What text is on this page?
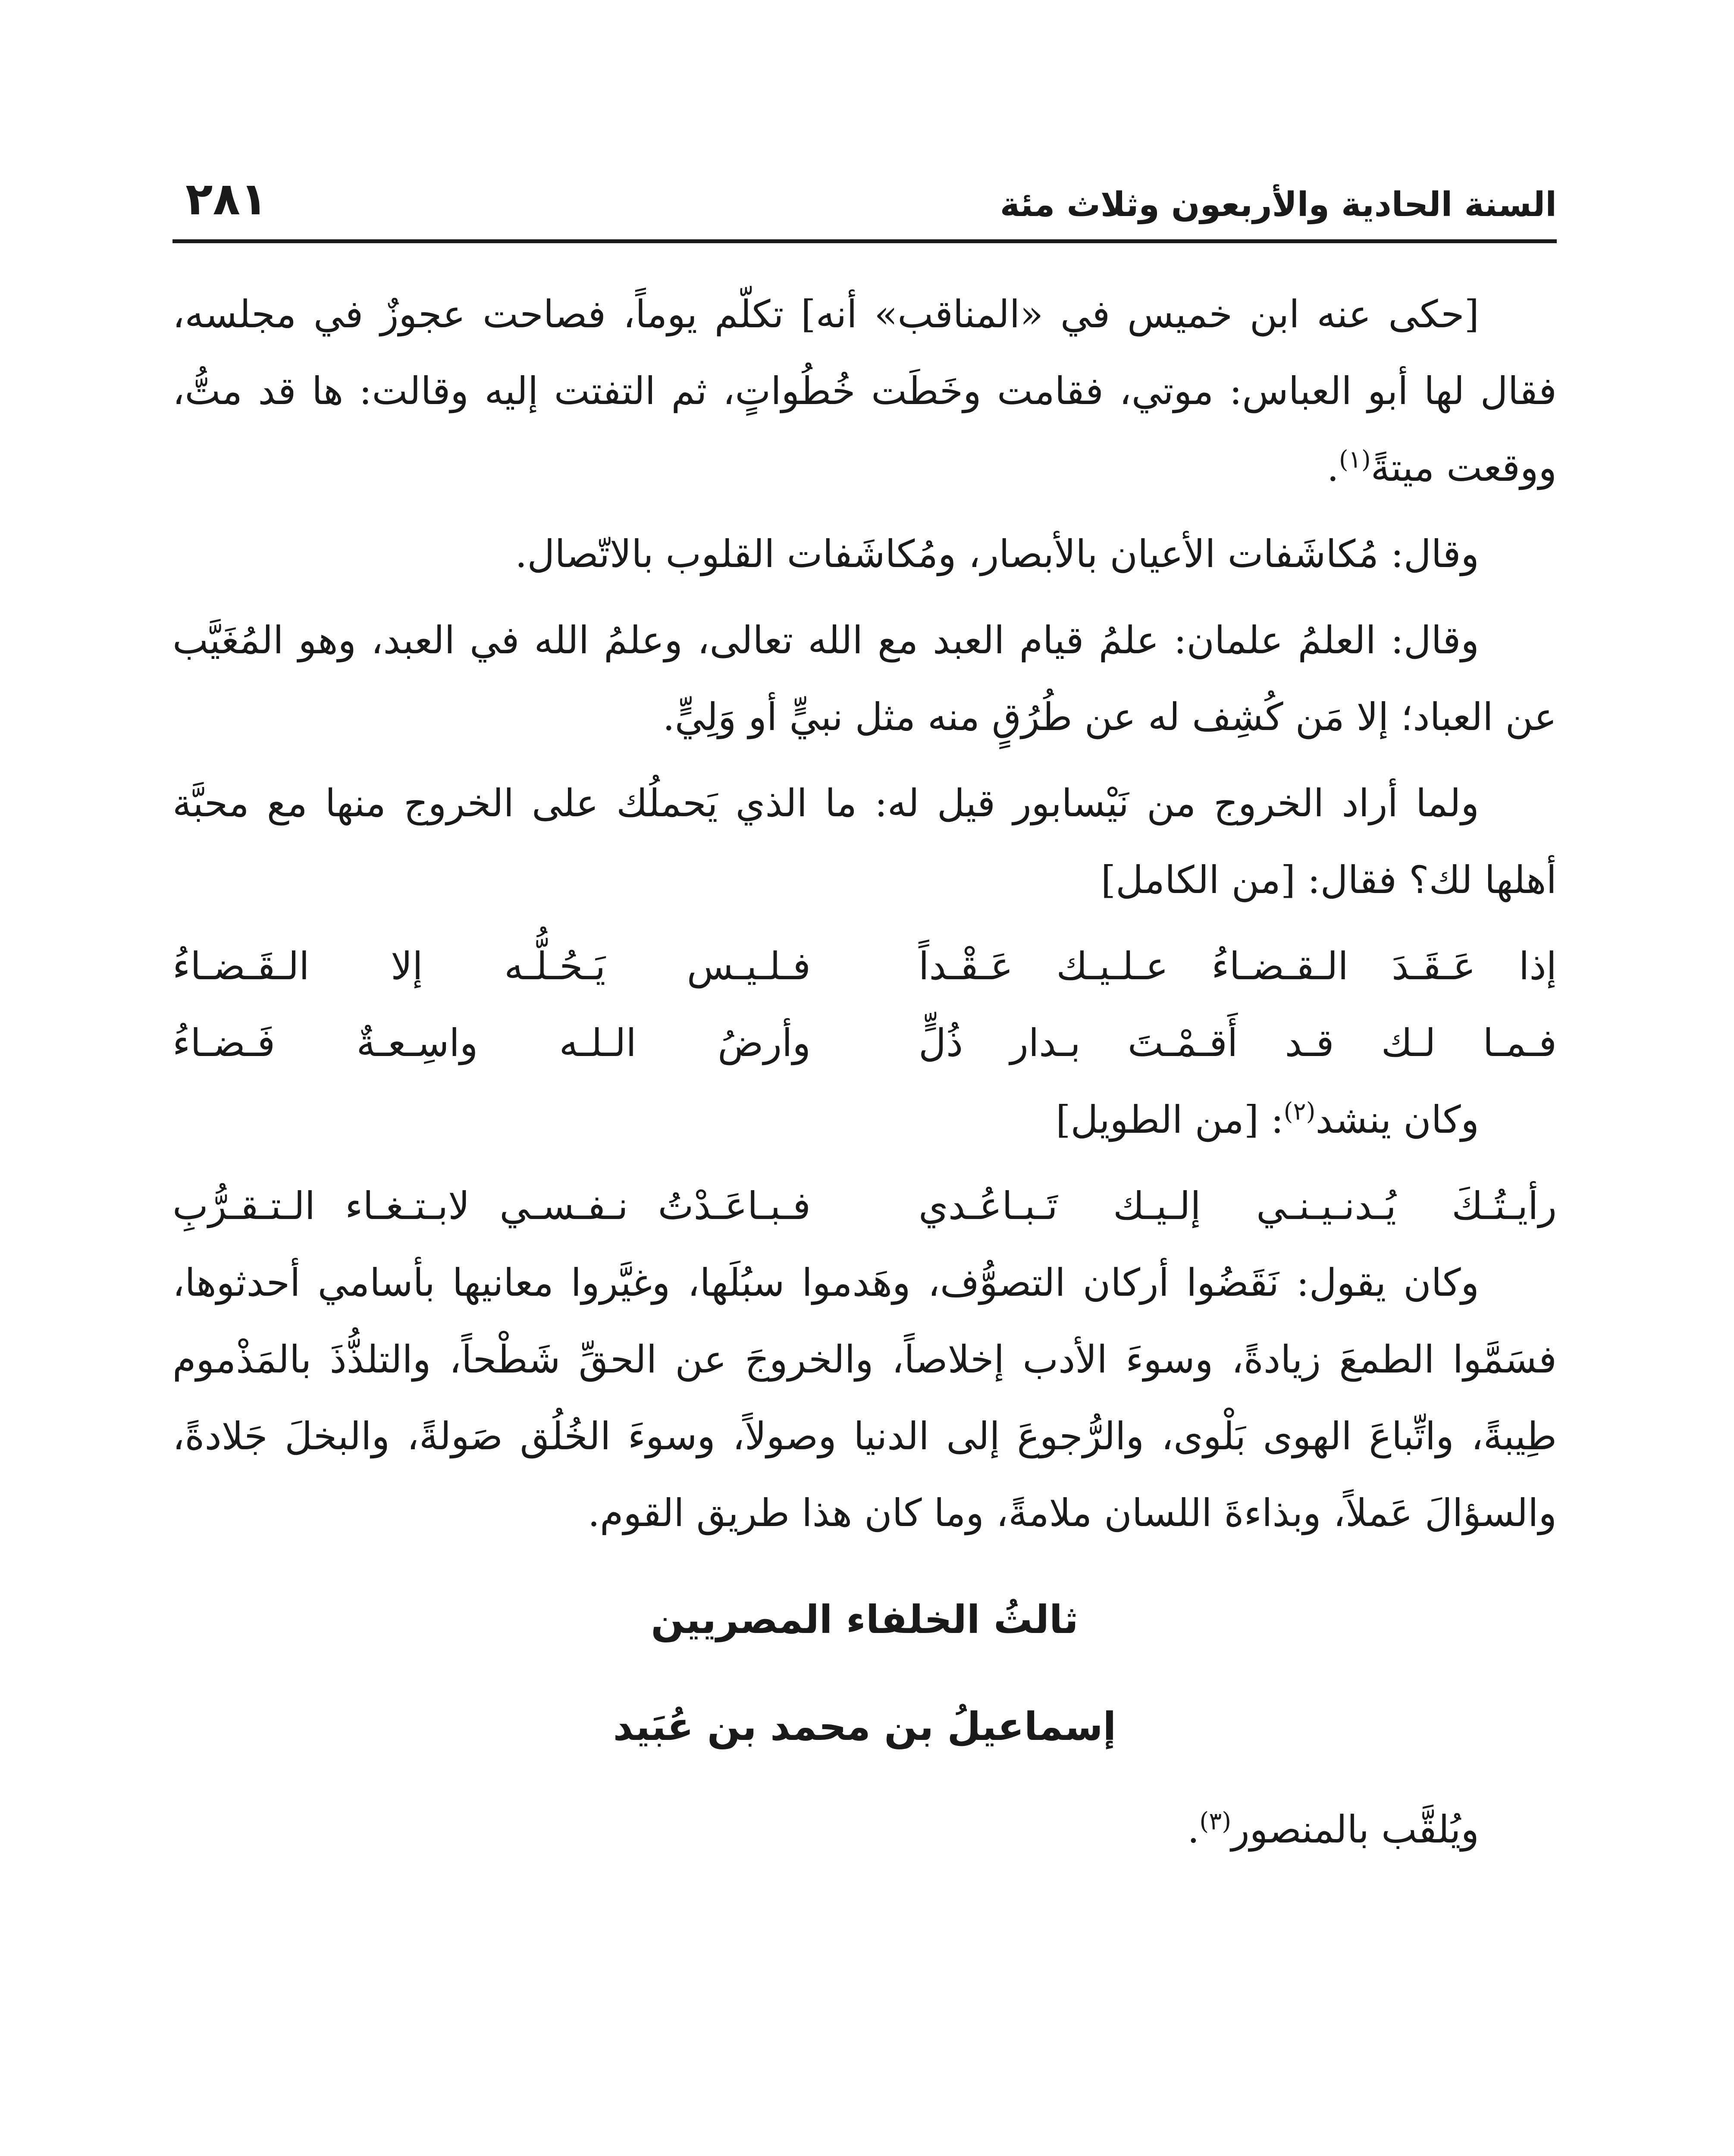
السنة الحادية والأربعون وثلاث مئة
٢٨١

[حكى عنه ابن خميس في «المناقب» أنه] تكلّم يوماً، فصاحت عجوزٌ في مجلسه، فقال لها أبو العباس: موتي، فقامت وخَطَت خُطُواتٍ، ثم التفتت إليه وقالت: ها قد متُّ، ووقعت ميتةً$^{(١)}$.

وقال: مُكاشَفات الأعيان بالأبصار، ومُكاشَفات القلوب بالاتّصال.

وقال: العلمُ علمان: علمُ قيام العبد مع الله تعالى، وعلمُ الله في العبد، وهو المُغَيَّب عن العباد؛ إلا مَن كُشِف له عن طُرُقٍ منه مثل نبيٍّ أو وَلِيٍّ.

ولما أراد الخروج من نَيْسابور قيل له: ما الذي يَحملُك على الخروج منها مع محبَّة أهلها لك؟ فقال: [من الكامل]

إذا عَـقَـدَ الـقـضـاءُ عـلـيـك عَـقْـداً
فـلـيـس يَـحُـلُّـه إلا الـقَـضـاءُ
فـمـا لـك قـد أَقـمْـتَ بـدار ذُلٍّ
وأرضُ الـلـه واسِـعـةٌ فَـضـاءُ

وكان ينشد$^{(٢)}$: [من الطويل]

رأيـتُـكَ يُـدنـيـنـي إلـيـك تَـبـاعُـدي
فـبـاعَـدْتُ نـفـسـي لابـتـغـاء الـتـقـرُّبِ

وكان يقول: نَقَضُوا أركان التصوُّف، وهَدموا سبُلَها، وغيَّروا معانيها بأسامي أحدثوها، فسَمَّوا الطمعَ زيادةً، وسوءَ الأدب إخلاصاً، والخروجَ عن الحقِّ شَطْحاً، والتلذُّذَ بالمَذْموم طِيبةً، واتِّباعَ الهوى بَلْوى، والرُّجوعَ إلى الدنيا وصولاً، وسوءَ الخُلُق صَولةً، والبخلَ جَلادةً، والسؤالَ عَملاً، وبذاءةَ اللسان ملامةً، وما كان هذا طريق القوم.

ثالثُ الخلفاء المصريين
إسماعيلُ بن محمد بن عُبَيد

ويُلقَّب بالمنصور$^{(٣)}$.
